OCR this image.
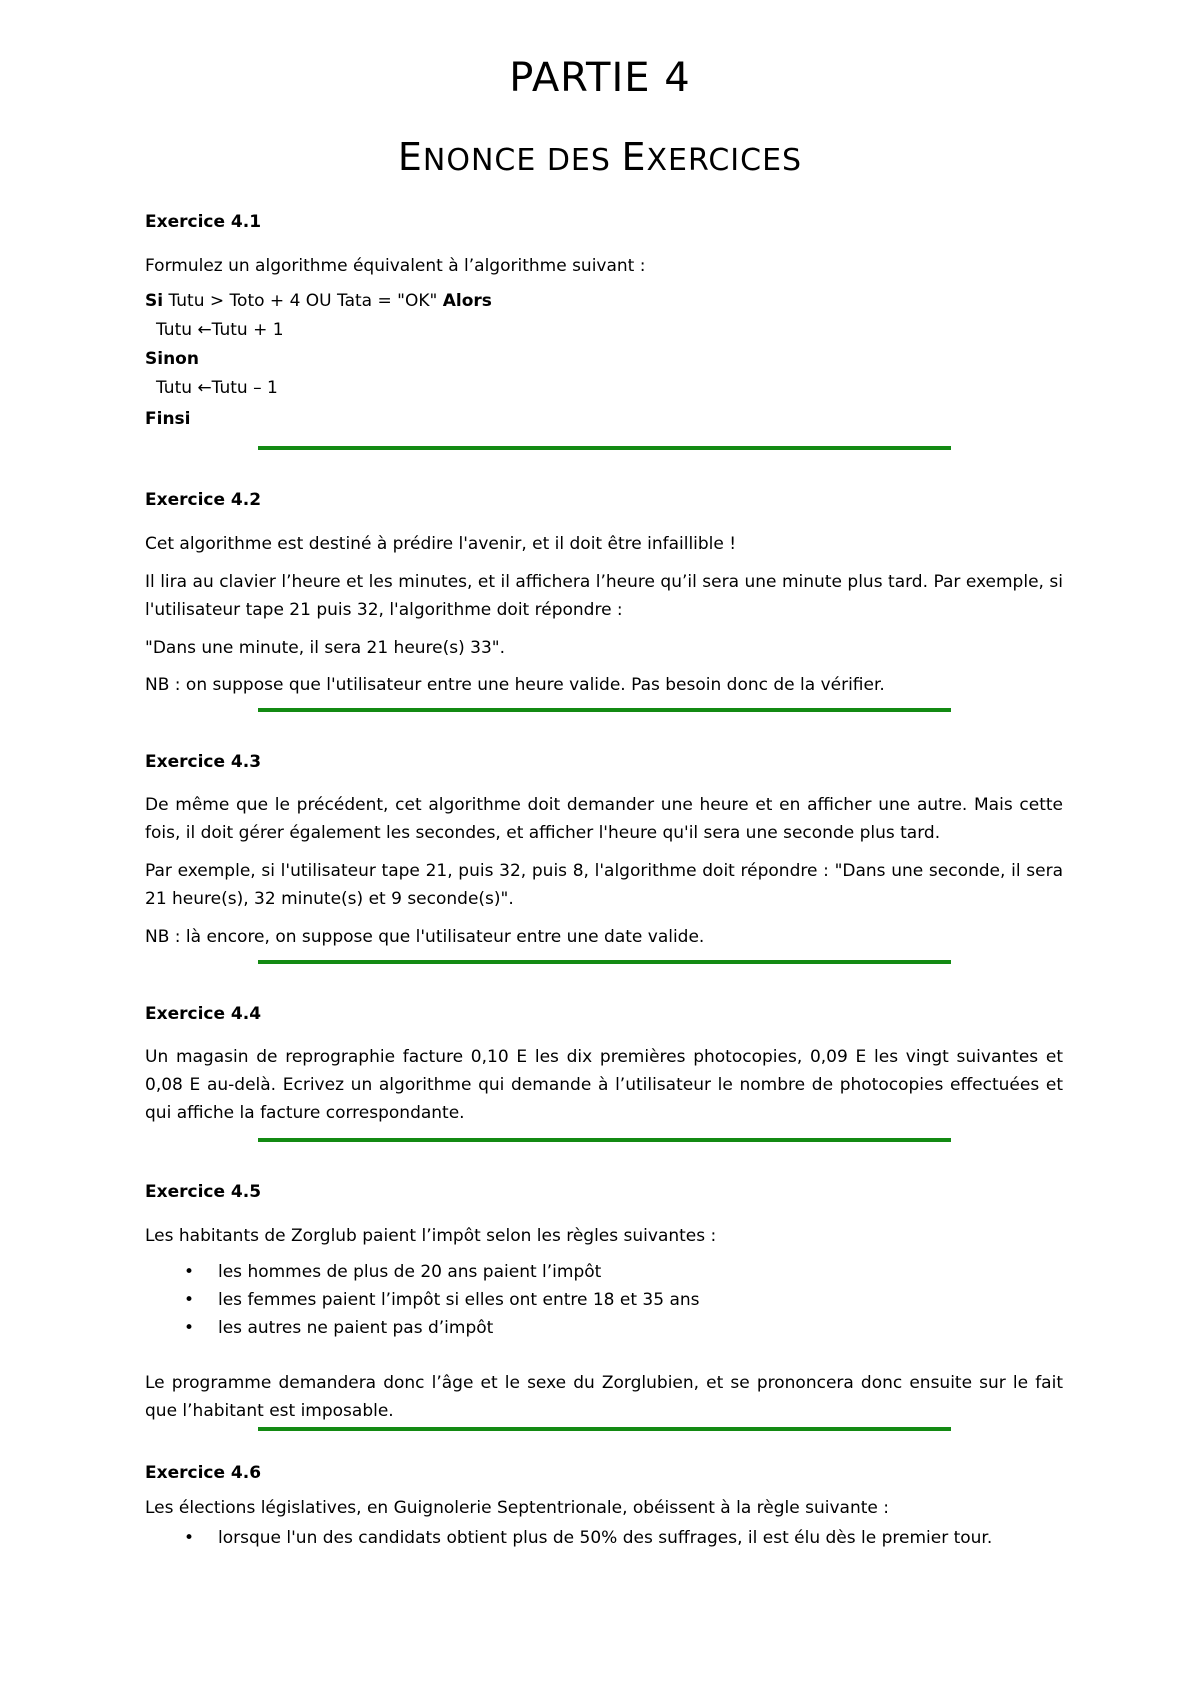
PARTIE 4
ENONCE DES EXERCICES
Exercice 4.1
Formulez un algorithme équivalent à l’algorithme suivant :
Si Tutu > Toto + 4 OU Tata = "OK" Alors
Tutu ←Tutu + 1
Sinon
Tutu ←Tutu – 1
Finsi
Exercice 4.2
Cet algorithme est destiné à prédire l'avenir, et il doit être infaillible !
Il lira au clavier l’heure et les minutes, et il affichera l’heure qu’il sera une minute plus tard. Par exemple, si l'utilisateur tape 21 puis 32, l'algorithme doit répondre :
"Dans une minute, il sera 21 heure(s) 33".
NB : on suppose que l'utilisateur entre une heure valide. Pas besoin donc de la vérifier.
Exercice 4.3
De même que le précédent, cet algorithme doit demander une heure et en afficher une autre. Mais cette fois, il doit gérer également les secondes, et afficher l'heure qu'il sera une seconde plus tard.
Par exemple, si l'utilisateur tape 21, puis 32, puis 8, l'algorithme doit répondre : "Dans une seconde, il sera 21 heure(s), 32 minute(s) et 9 seconde(s)".
NB : là encore, on suppose que l'utilisateur entre une date valide.
Exercice 4.4
Un magasin de reprographie facture 0,10 E les dix premières photocopies, 0,09 E les vingt suivantes et 0,08 E au-delà. Ecrivez un algorithme qui demande à l’utilisateur le nombre de photocopies effectuées et qui affiche la facture correspondante.
Exercice 4.5
Les habitants de Zorglub paient l’impôt selon les règles suivantes :
• les hommes de plus de 20 ans paient l’impôt
• les femmes paient l’impôt si elles ont entre 18 et 35 ans
• les autres ne paient pas d’impôt
Le programme demandera donc l’âge et le sexe du Zorglubien, et se prononcera donc ensuite sur le fait que l’habitant est imposable.
Exercice 4.6
Les élections législatives, en Guignolerie Septentrionale, obéissent à la règle suivante :
• lorsque l'un des candidats obtient plus de 50% des suffrages, il est élu dès le premier tour.
